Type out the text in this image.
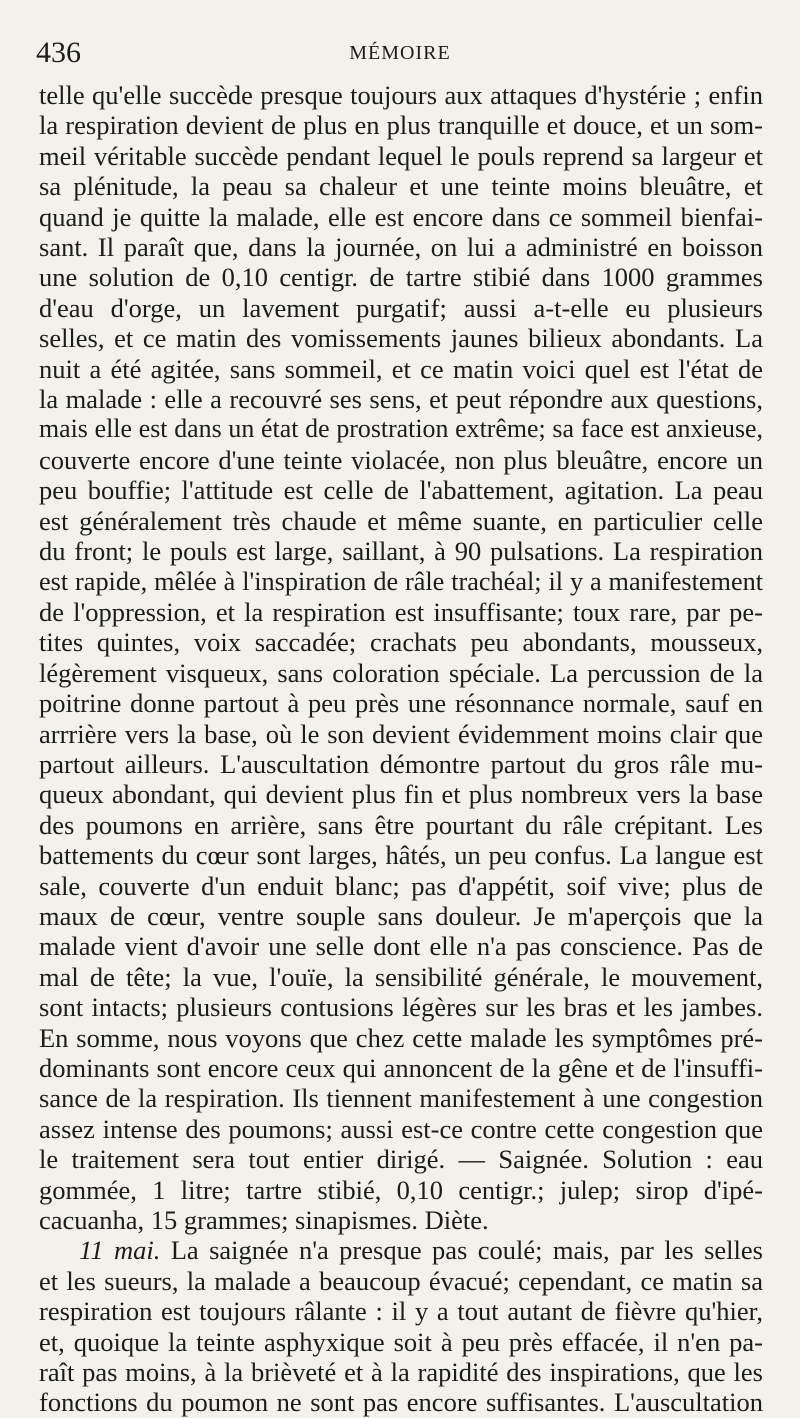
436	MÉMOIRE
telle qu'elle succède presque toujours aux attaques d'hystérie ; enfin
la respiration devient de plus en plus tranquille et douce, et un som-
meil véritable succède pendant lequel le pouls reprend sa largeur et
sa plénitude, la peau sa chaleur et une teinte moins bleuâtre, et
quand je quitte la malade, elle est encore dans ce sommeil bienfai-
sant. Il paraît que, dans la journée, on lui a administré en boisson
une solution de 0,10 centigr. de tartre stibié dans 1000 grammes
d'eau d'orge, un lavement purgatif; aussi a-t-elle eu plusieurs
selles, et ce matin des vomissements jaunes bilieux abondants. La
nuit a été agitée, sans sommeil, et ce matin voici quel est l'état de
la malade : elle a recouvré ses sens, et peut répondre aux questions,
mais elle est dans un état de prostration extrême; sa face est anxieuse,
couverte encore d'une teinte violacée, non plus bleuâtre, encore un
peu bouffie; l'attitude est celle de l'abattement, agitation. La peau
est généralement très chaude et même suante, en particulier celle
du front; le pouls est large, saillant, à 90 pulsations. La respiration
est rapide, mêlée à l'inspiration de râle trachéal; il y a manifestement
de l'oppression, et la respiration est insuffisante; toux rare, par pe-
tites quintes, voix saccadée; crachats peu abondants, mousseux,
légèrement visqueux, sans coloration spéciale. La percussion de la
poitrine donne partout à peu près une résonnance normale, sauf en
arrrière vers la base, où le son devient évidemment moins clair que
partout ailleurs. L'auscultation démontre partout du gros râle mu-
queux abondant, qui devient plus fin et plus nombreux vers la base
des poumons en arrière, sans être pourtant du râle crépitant. Les
battements du cœur sont larges, hâtés, un peu confus. La langue est
sale, couverte d'un enduit blanc; pas d'appétit, soif vive; plus de
maux de cœur, ventre souple sans douleur. Je m'aperçois que la
malade vient d'avoir une selle dont elle n'a pas conscience. Pas de
mal de tête; la vue, l'ouïe, la sensibilité générale, le mouvement,
sont intacts; plusieurs contusions légères sur les bras et les jambes.
En somme, nous voyons que chez cette malade les symptômes pré-
dominants sont encore ceux qui annoncent de la gêne et de l'insuffi-
sance de la respiration. Ils tiennent manifestement à une congestion
assez intense des poumons; aussi est-ce contre cette congestion que
le traitement sera tout entier dirigé. — Saignée. Solution : eau
gommée, 1 litre; tartre stibié, 0,10 centigr.; julep; sirop d'ipé-
cacuanha, 15 grammes; sinapismes. Diète.
11 mai. La saignée n'a presque pas coulé; mais, par les selles
et les sueurs, la malade a beaucoup évacué; cependant, ce matin sa
respiration est toujours râlante : il y a tout autant de fièvre qu'hier,
et, quoique la teinte asphyxique soit à peu près effacée, il n'en pa-
raît pas moins, à la brièveté et à la rapidité des inspirations, que les
fonctions du poumon ne sont pas encore suffisantes. L'auscultation
